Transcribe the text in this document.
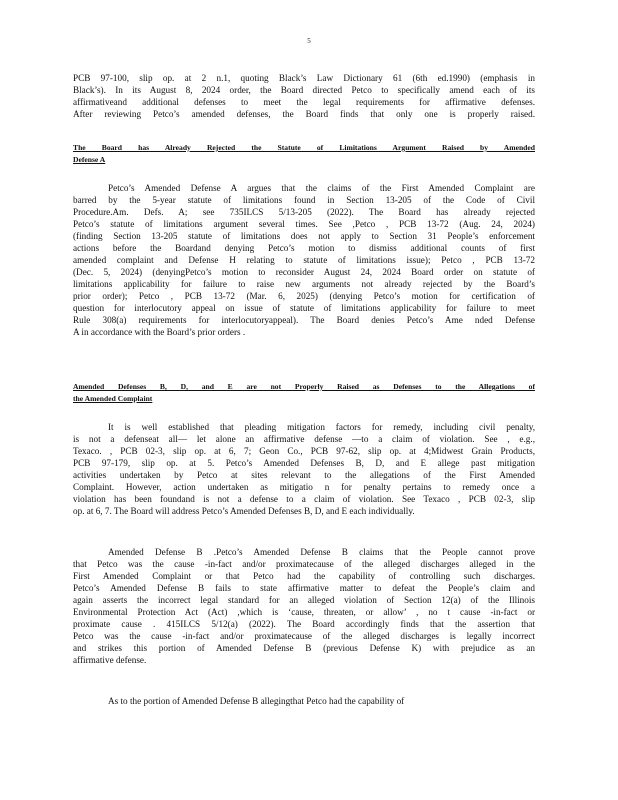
5
PCB 97-100, slip op. at 2 n.1, quoting Black’s Law Dictionary 61 (6th ed.1990) (emphasis in
Black’s). In its August 8, 2024 order, the Board directed Petco to specifically amend each of its
affirmativeand additional defenses to meet the legal requirements for affirmative defenses.
After reviewing Petco’s amended defenses, the Board finds that only one is properly raised.
The Board has Already Rejected the Statute of Limitations Argument Raised by Amended
Defense A
Petco’s Amended Defense A argues that the claims of the First Amended Complaint are
barred by the 5-year statute of limitations found in Section 13-205 of the Code of Civil
Procedure.Am. Defs. A; see 735ILCS 5/13-205 (2022). The Board has already rejected
Petco’s statute of limitations argument several times. See ,Petco , PCB 13-72 (Aug. 24, 2024)
(finding Section 13-205 statute of limitations does not apply to Section 31 People’s enforcement
actions before the Boardand denying Petco’s motion to dismiss additional counts of first
amended complaint and Defense H relating to statute of limitations issue); Petco , PCB 13-72
(Dec. 5, 2024) (denyingPetco’s motion to reconsider August 24, 2024 Board order on statute of
limitations applicability for failure to raise new arguments not already rejected by the Board’s
prior order); Petco , PCB 13-72 (Mar. 6, 2025) (denying Petco’s motion for certification of
question for interlocutory appeal on issue of statute of limitations applicability for failure to meet
Rule 308(a) requirements for interlocutoryappeal). The Board denies Petco’s Ame nded Defense
A in accordance with the Board’s prior orders .
Amended Defenses B, D, and E are not Properly Raised as Defenses to the Allegations of
the Amended Complaint
It is well established that pleading mitigation factors for remedy, including civil penalty,
is not a defenseat all— let alone an affirmative defense —to a claim of violation. See , e.g.,
Texaco. , PCB 02-3, slip op. at 6, 7; Geon Co., PCB 97-62, slip op. at 4;Midwest Grain Products,
PCB 97-179, slip op. at 5. Petco’s Amended Defenses B, D, and E allege past mitigation
activities undertaken by Petco at sites relevant to the allegations of the First Amended
Complaint. However, action undertaken as mitigatio n for penalty pertains to remedy once a
violation has been foundand is not a defense to a claim of violation. See Texaco , PCB 02-3, slip
op. at 6, 7. The Board will address Petco’s Amended Defenses B, D, and E each individually.
Amended Defense B .Petco’s Amended Defense B claims that the People cannot prove
that Petco was the cause -in-fact and/or proximatecause of the alleged discharges alleged in the
First Amended Complaint or that Petco had the capability of controlling such discharges.
Petco’s Amended Defense B fails to state affirmative matter to defeat the People’s claim and
again asserts the incorrect legal standard for an alleged violation of Section 12(a) of the Illinois
Environmental Protection Act (Act) ,which is ‘cause, threaten, or allow’ , no t cause -in-fact or
proximate cause . 415ILCS 5/12(a) (2022). The Board accordingly finds that the assertion that
Petco was the cause -in-fact and/or proximatecause of the alleged discharges is legally incorrect
and strikes this portion of Amended Defense B (previous Defense K) with prejudice as an
affirmative defense.
As to the portion of Amended Defense B allegingthat Petco had the capability of
